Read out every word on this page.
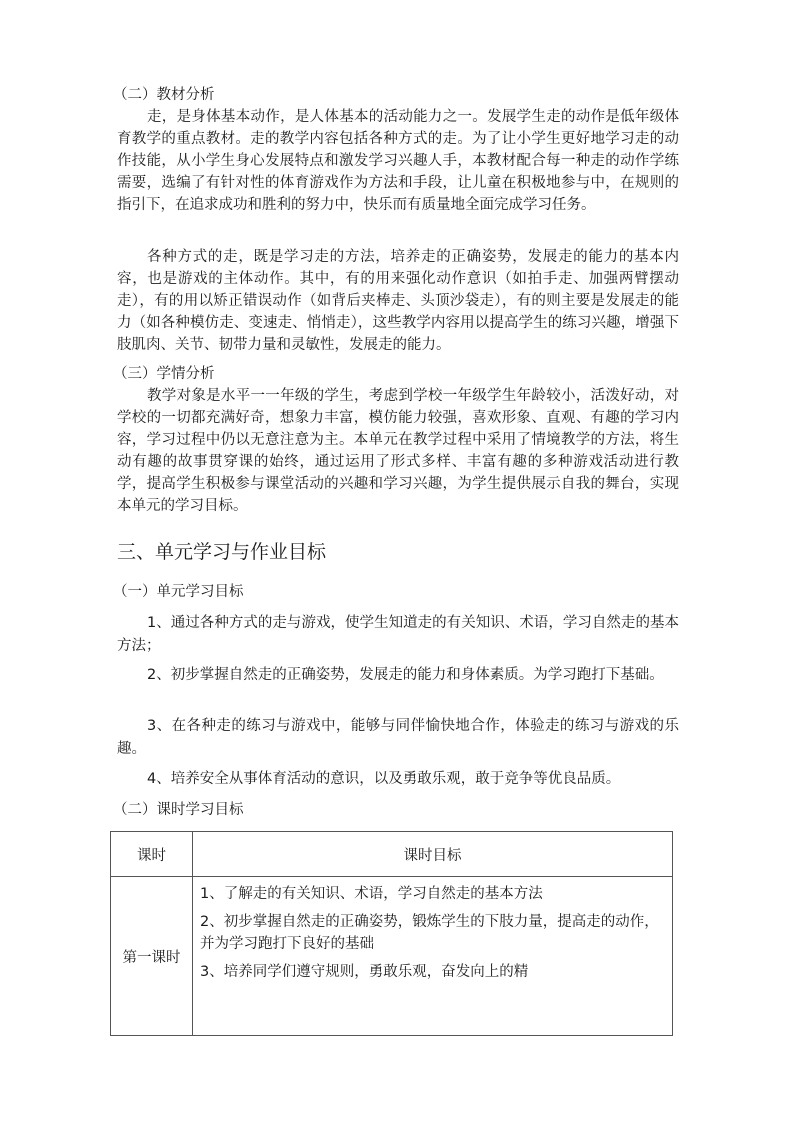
（二）教材分析

走，是身体基本动作，是人体基本的活动能力之一。发展学生走的动作是低年级体育教学的重点教材。走的教学内容包括各种方式的走。为了让小学生更好地学习走的动作技能，从小学生身心发展特点和激发学习兴趣人手，本教材配合每一种走的动作学练需要，选编了有针对性的体育游戏作为方法和手段，让儿童在积极地参与中，在规则的指引下，在追求成功和胜利的努力中，快乐而有质量地全面完成学习任务。

各种方式的走，既是学习走的方法，培养走的正确姿势，发展走的能力的基本内容，也是游戏的主体动作。其中，有的用来强化动作意识（如拍手走、加强两臂摆动走），有的用以矫正错误动作（如背后夹棒走、头顶沙袋走），有的则主要是发展走的能力（如各种模仿走、变速走、悄悄走），这些教学内容用以提高学生的练习兴趣，增强下肢肌肉、关节、韧带力量和灵敏性，发展走的能力。

（三）学情分析

教学对象是水平一一年级的学生，考虑到学校一年级学生年龄较小，活泼好动，对学校的一切都充满好奇，想象力丰富，模仿能力较强，喜欢形象、直观、有趣的学习内容，学习过程中仍以无意注意为主。本单元在教学过程中采用了情境教学的方法，将生动有趣的故事贯穿课的始终，通过运用了形式多样、丰富有趣的多种游戏活动进行教学，提高学生积极参与课堂活动的兴趣和学习兴趣，为学生提供展示自我的舞台，实现本单元的学习目标。

三、单元学习与作业目标
（一）单元学习目标

1、通过各种方式的走与游戏，使学生知道走的有关知识、术语，学习自然走的基本方法；

2、初步掌握自然走的正确姿势，发展走的能力和身体素质。为学习跑打下基础。

3、在各种走的练习与游戏中，能够与同伴愉快地合作，体验走的练习与游戏的乐趣。

4、培养安全从事体育活动的意识，以及勇敢乐观，敢于竞争等优良品质。

（二）课时学习目标
课时	课时目标
第一课时	1、了解走的有关知识、术语，学习自然走的基本方法
2、初步掌握自然走的正确姿势，锻炼学生的下肢力量，提高走的动作，并为学习跑打下良好的基础
3、培养同学们遵守规则，勇敢乐观，奋发向上的精
